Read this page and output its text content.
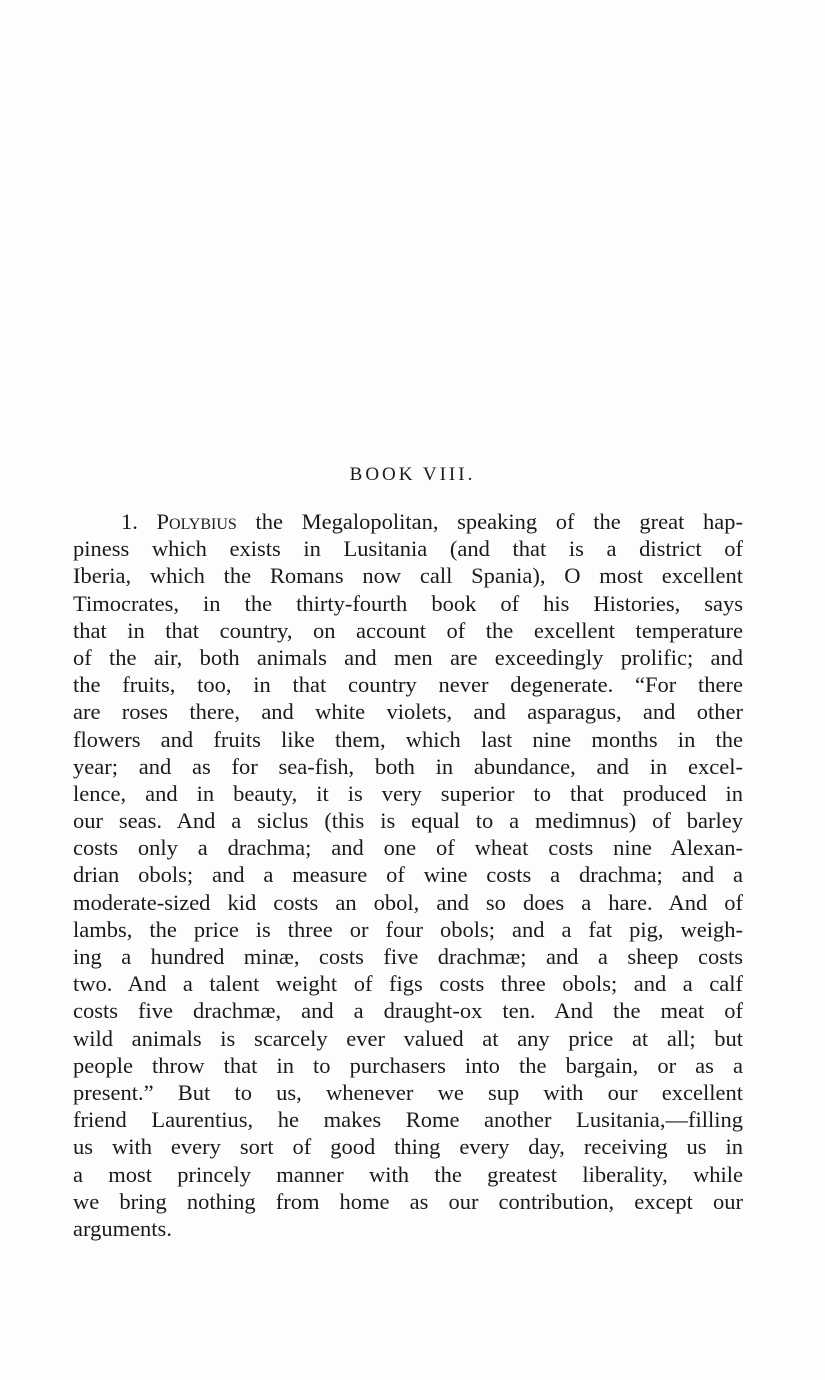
BOOK VIII.
1. Polybius the Megalopolitan, speaking of the great hap-
piness which exists in Lusitania (and that is a district of
Iberia, which the Romans now call Spania), O most excellent
Timocrates, in the thirty-fourth book of his Histories, says
that in that country, on account of the excellent temperature
of the air, both animals and men are exceedingly prolific; and
the fruits, too, in that country never degenerate. “For there
are roses there, and white violets, and asparagus, and other
flowers and fruits like them, which last nine months in the
year; and as for sea-fish, both in abundance, and in excel-
lence, and in beauty, it is very superior to that produced in
our seas. And a siclus (this is equal to a medimnus) of barley
costs only a drachma; and one of wheat costs nine Alexan-
drian obols; and a measure of wine costs a drachma; and a
moderate-sized kid costs an obol, and so does a hare. And of
lambs, the price is three or four obols; and a fat pig, weigh-
ing a hundred minæ, costs five drachmæ; and a sheep costs
two. And a talent weight of figs costs three obols; and a calf
costs five drachmæ, and a draught-ox ten. And the meat of
wild animals is scarcely ever valued at any price at all; but
people throw that in to purchasers into the bargain, or as a
present.” But to us, whenever we sup with our excellent
friend Laurentius, he makes Rome another Lusitania,—filling
us with every sort of good thing every day, receiving us in
a most princely manner with the greatest liberality, while
we bring nothing from home as our contribution, except our
arguments.
